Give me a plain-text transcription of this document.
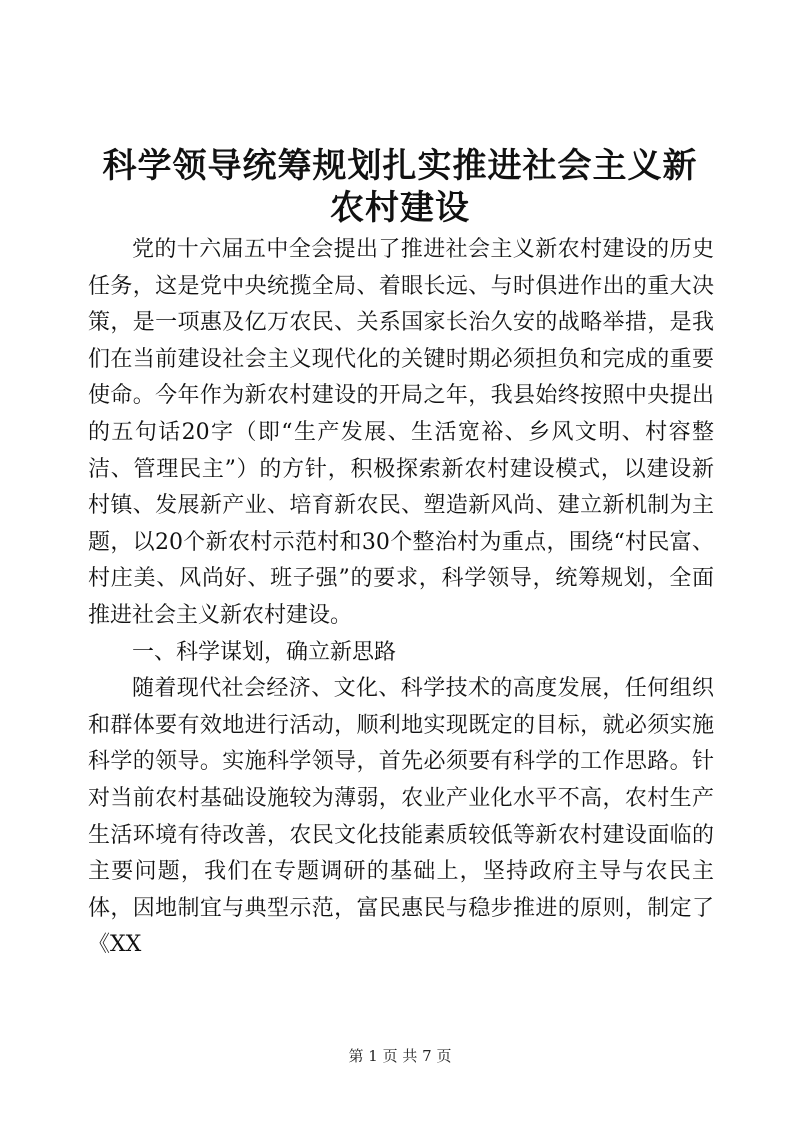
科学领导统筹规划扎实推进社会主义新农村建设

党的十六届五中全会提出了推进社会主义新农村建设的历史任务，这是党中央统揽全局、着眼长远、与时俱进作出的重大决策，是一项惠及亿万农民、关系国家长治久安的战略举措，是我们在当前建设社会主义现代化的关键时期必须担负和完成的重要使命。今年作为新农村建设的开局之年，我县始终按照中央提出的五句话20字（即“生产发展、生活宽裕、乡风文明、村容整洁、管理民主”）的方针，积极探索新农村建设模式，以建设新村镇、发展新产业、培育新农民、塑造新风尚、建立新机制为主题，以20个新农村示范村和30个整治村为重点，围绕“村民富、村庄美、风尚好、班子强”的要求，科学领导，统筹规划，全面推进社会主义新农村建设。

一、科学谋划，确立新思路

随着现代社会经济、文化、科学技术的高度发展，任何组织和群体要有效地进行活动，顺利地实现既定的目标，就必须实施科学的领导。实施科学领导，首先必须要有科学的工作思路。针对当前农村基础设施较为薄弱，农业产业化水平不高，农村生产生活环境有待改善，农民文化技能素质较低等新农村建设面临的主要问题，我们在专题调研的基础上，坚持政府主导与农民主体，因地制宜与典型示范，富民惠民与稳步推进的原则，制定了《XX

第 1 页 共 7 页
